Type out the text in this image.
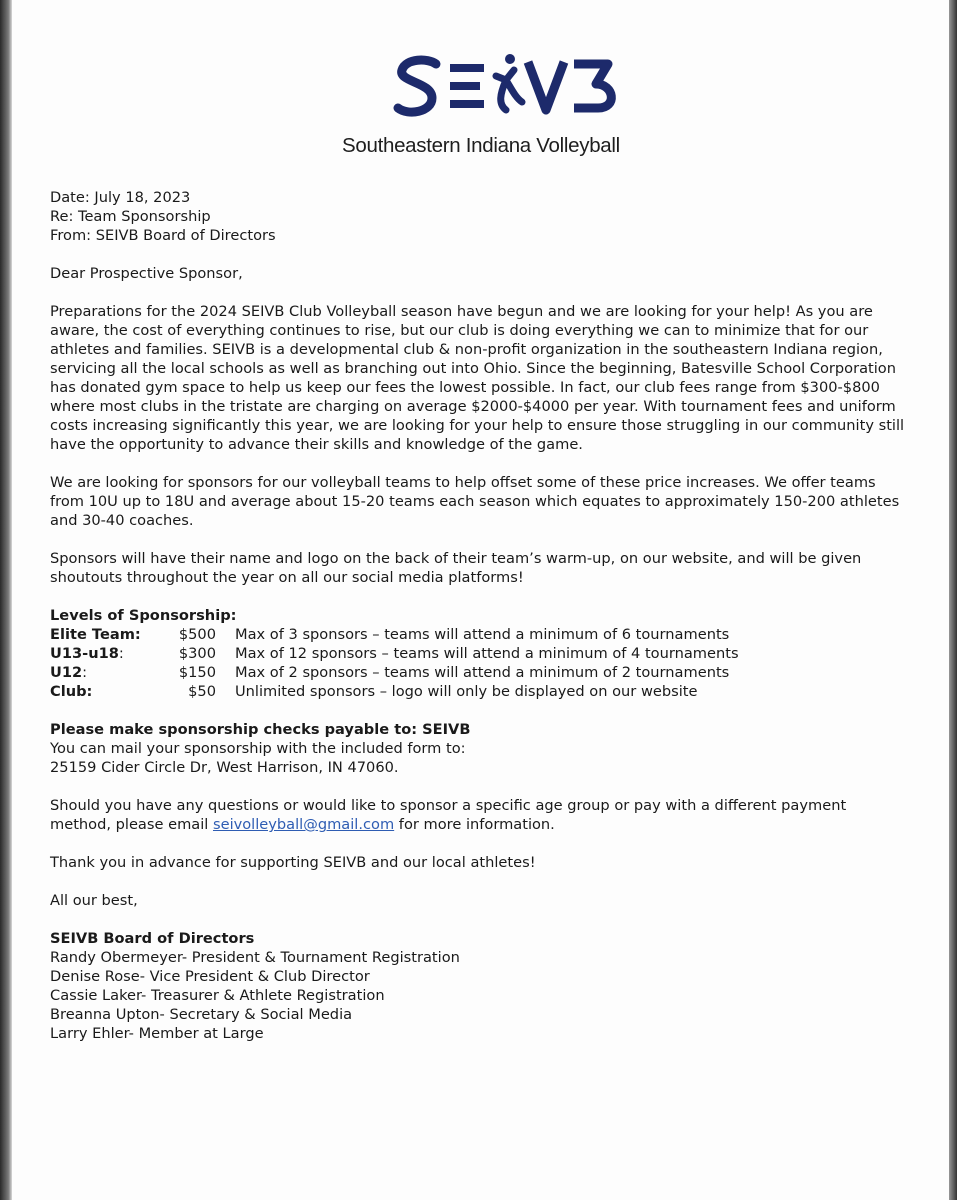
Southeastern Indiana Volleyball

Date: July 18, 2023

Re: Team Sponsorship

From: SEIVB Board of Directors

Dear Prospective Sponsor,

Preparations for the 2024 SEIVB Club Volleyball season have begun and we are looking for your help! As you are aware, the cost of everything continues to rise, but our club is doing everything we can to minimize that for our athletes and families. SEIVB is a developmental club & non-profit organization in the southeastern Indiana region, servicing all the local schools as well as branching out into Ohio. Since the beginning, Batesville School Corporation has donated gym space to help us keep our fees the lowest possible. In fact, our club fees range from $300-$800 where most clubs in the tristate are charging on average $2000-$4000 per year. With tournament fees and uniform costs increasing significantly this year, we are looking for your help to ensure those struggling in our community still have the opportunity to advance their skills and knowledge of the game.

We are looking for sponsors for our volleyball teams to help offset some of these price increases. We offer teams from 10U up to 18U and average about 15-20 teams each season which equates to approximately 150-200 athletes and 30-40 coaches.

Sponsors will have their name and logo on the back of their team’s warm-up, on our website, and will be given shoutouts throughout the year on all our social media platforms!

Levels of Sponsorship:

Elite Team:	$500	Max of 3 sponsors – teams will attend a minimum of 6 tournaments
U13-u18:	$300	Max of 12 sponsors – teams will attend a minimum of 4 tournaments
U12:	$150	Max of 2 sponsors – teams will attend a minimum of 2 tournaments
Club:	$50	Unlimited sponsors – logo will only be displayed on our website

Please make sponsorship checks payable to: SEIVB

You can mail your sponsorship with the included form to:

25159 Cider Circle Dr, West Harrison, IN 47060.

Should you have any questions or would like to sponsor a specific age group or pay with a different payment method, please email seivolleyball@gmail.com for more information.

Thank you in advance for supporting SEIVB and our local athletes!

All our best,

SEIVB Board of Directors

Randy Obermeyer- President & Tournament Registration

Denise Rose- Vice President & Club Director

Cassie Laker- Treasurer & Athlete Registration

Breanna Upton- Secretary & Social Media

Larry Ehler- Member at Large
